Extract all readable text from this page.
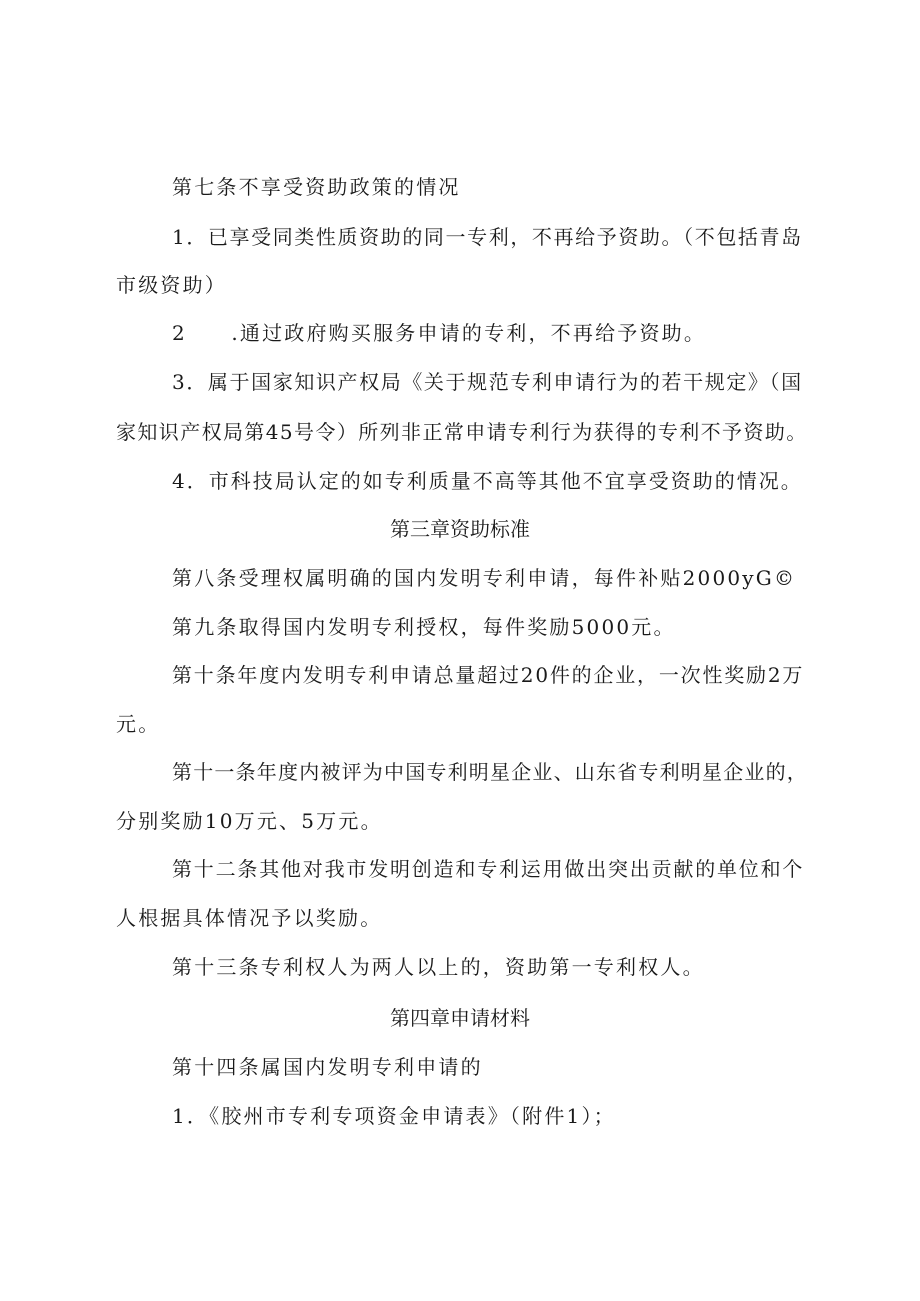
第七条不享受资助政策的情况

1．已享受同类性质资助的同一专利，不再给予资助。（不包括青岛

市级资助）

2　　.通过政府购买服务申请的专利，不再给予资助。

3．属于国家知识产权局《关于规范专利申请行为的若干规定》（国

家知识产权局第45号令）所列非正常申请专利行为获得的专利不予资助。

4．市科技局认定的如专利质量不高等其他不宜享受资助的情况。

第三章资助标准

第八条受理权属明确的国内发明专利申请，每件补贴2000yG©

第九条取得国内发明专利授权，每件奖励5000元。

第十条年度内发明专利申请总量超过20件的企业，一次性奖励2万

元。

第十一条年度内被评为中国专利明星企业、山东省专利明星企业的，

分别奖励10万元、5万元。

第十二条其他对我市发明创造和专利运用做出突出贡献的单位和个

人根据具体情况予以奖励。

第十三条专利权人为两人以上的，资助第一专利权人。

第四章申请材料

第十四条属国内发明专利申请的

1．《胶州市专利专项资金申请表》（附件1）；
